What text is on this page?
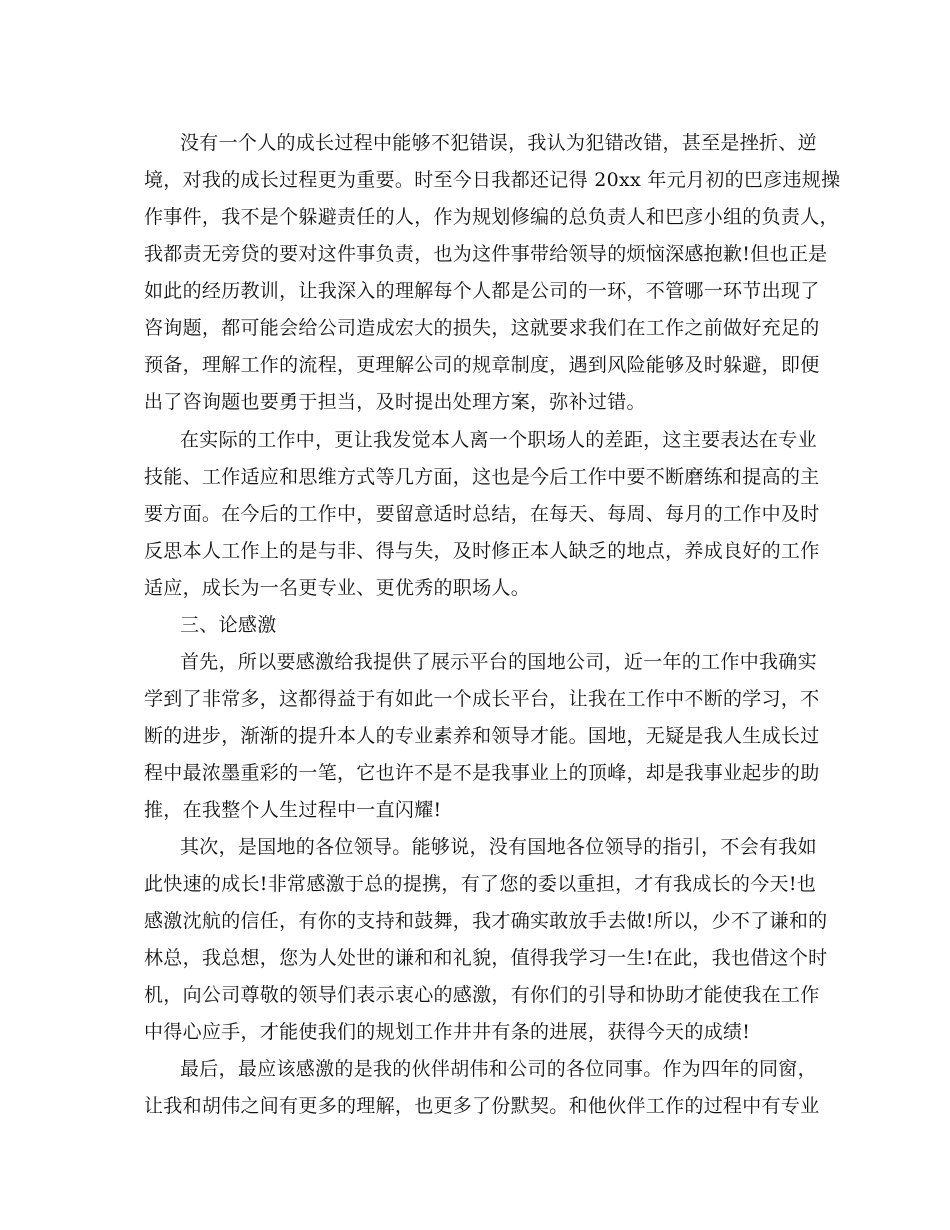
没有一个人的成长过程中能够不犯错误，我认为犯错改错，甚至是挫折、逆
境，对我的成长过程更为重要。时至今日我都还记得 20xx 年元月初的巴彦违规操
作事件，我不是个躲避责任的人，作为规划修编的总负责人和巴彦小组的负责人，
我都责无旁贷的要对这件事负责，也为这件事带给领导的烦恼深感抱歉!但也正是
如此的经历教训，让我深入的理解每个人都是公司的一环，不管哪一环节出现了
咨询题，都可能会给公司造成宏大的损失，这就要求我们在工作之前做好充足的
预备，理解工作的流程，更理解公司的规章制度，遇到风险能够及时躲避，即便
出了咨询题也要勇于担当，及时提出处理方案，弥补过错。
在实际的工作中，更让我发觉本人离一个职场人的差距，这主要表达在专业
技能、工作适应和思维方式等几方面，这也是今后工作中要不断磨练和提高的主
要方面。在今后的工作中，要留意适时总结，在每天、每周、每月的工作中及时
反思本人工作上的是与非、得与失，及时修正本人缺乏的地点，养成良好的工作
适应，成长为一名更专业、更优秀的职场人。
三、论感激
首先，所以要感激给我提供了展示平台的国地公司，近一年的工作中我确实
学到了非常多，这都得益于有如此一个成长平台，让我在工作中不断的学习，不
断的进步，渐渐的提升本人的专业素养和领导才能。国地，无疑是我人生成长过
程中最浓墨重彩的一笔，它也许不是不是我事业上的顶峰，却是我事业起步的助
推，在我整个人生过程中一直闪耀!
其次，是国地的各位领导。能够说，没有国地各位领导的指引，不会有我如
此快速的成长!非常感激于总的提携，有了您的委以重担，才有我成长的今天!也
感激沈航的信任，有你的支持和鼓舞，我才确实敢放手去做!所以，少不了谦和的
林总，我总想，您为人处世的谦和和礼貌，值得我学习一生!在此，我也借这个时
机，向公司尊敬的领导们表示衷心的感激，有你们的引导和协助才能使我在工作
中得心应手，才能使我们的规划工作井井有条的进展，获得今天的成绩!
最后，最应该感激的是我的伙伴胡伟和公司的各位同事。作为四年的同窗，
让我和胡伟之间有更多的理解，也更多了份默契。和他伙伴工作的过程中有专业
